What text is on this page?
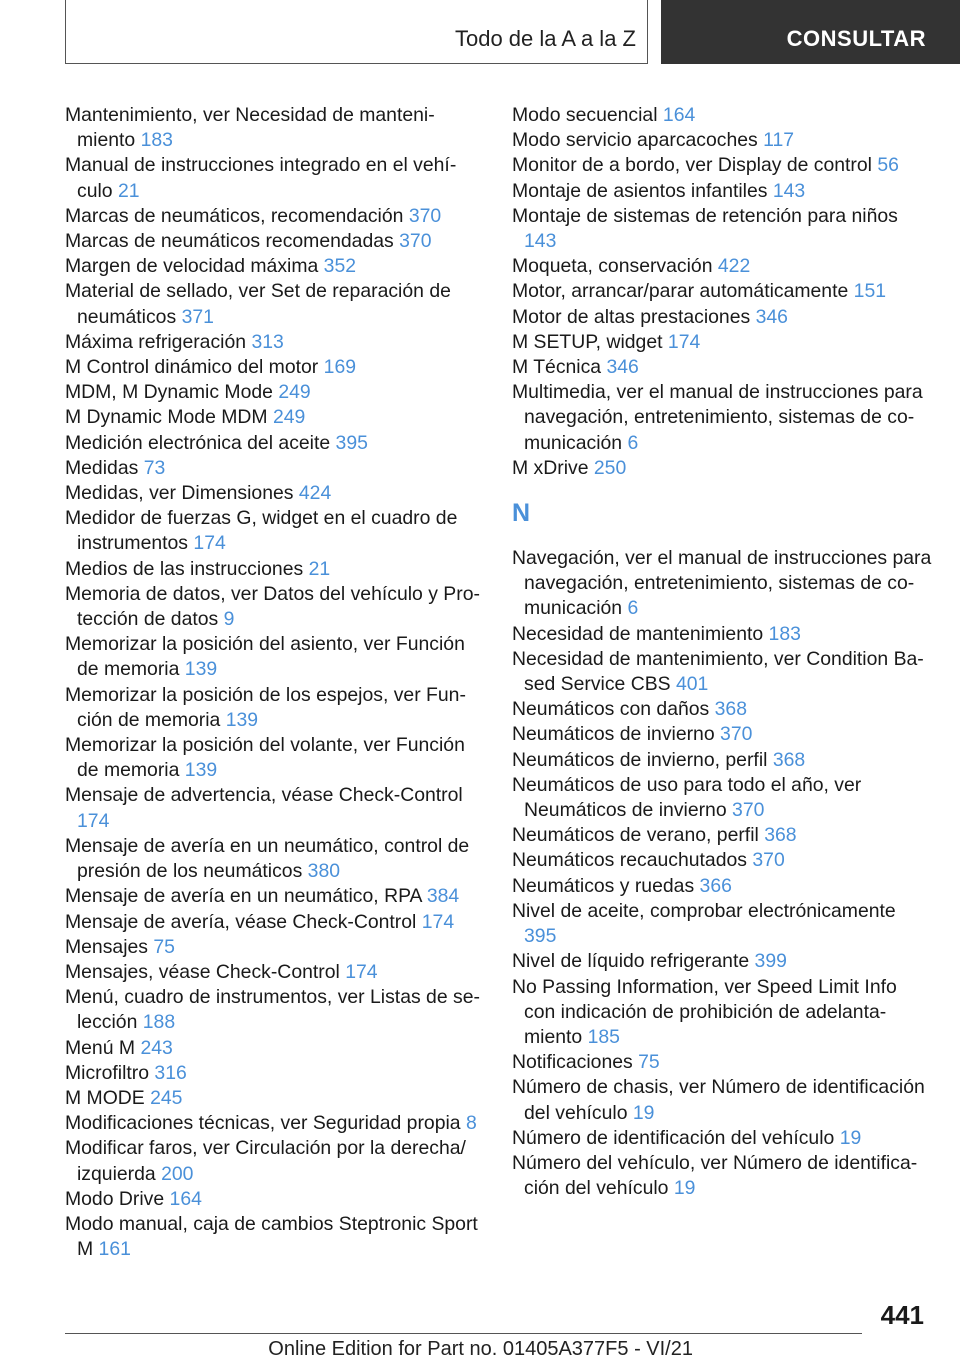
Todo de la A a la Z	CONSULTAR
Mantenimiento, ver Necesidad de mantenimiento 183
Manual de instrucciones integrado en el vehículo 21
Marcas de neumáticos, recomendación 370
Marcas de neumáticos recomendadas 370
Margen de velocidad máxima 352
Material de sellado, ver Set de reparación de neumáticos 371
Máxima refrigeración 313
M Control dinámico del motor 169
MDM, M Dynamic Mode 249
M Dynamic Mode MDM 249
Medición electrónica del aceite 395
Medidas 73
Medidas, ver Dimensiones 424
Medidor de fuerzas G, widget en el cuadro de instrumentos 174
Medios de las instrucciones 21
Memoria de datos, ver Datos del vehículo y Protección de datos 9
Memorizar la posición del asiento, ver Función de memoria 139
Memorizar la posición de los espejos, ver Función de memoria 139
Memorizar la posición del volante, ver Función de memoria 139
Mensaje de advertencia, véase Check-Control 174
Mensaje de avería en un neumático, control de presión de los neumáticos 380
Mensaje de avería en un neumático, RPA 384
Mensaje de avería, véase Check-Control 174
Mensajes 75
Mensajes, véase Check-Control 174
Menú, cuadro de instrumentos, ver Listas de selección 188
Menú M 243
Microfiltro 316
M MODE 245
Modificaciones técnicas, ver Seguridad propia 8
Modificar faros, ver Circulación por la derecha/​izquierda 200
Modo Drive 164
Modo manual, caja de cambios Steptronic Sport M 161
Modo secuencial 164
Modo servicio aparcacoches 117
Monitor de a bordo, ver Display de control 56
Montaje de asientos infantiles 143
Montaje de sistemas de retención para niños 143
Moqueta, conservación 422
Motor, arrancar/parar automáticamente 151
Motor de altas prestaciones 346
M SETUP, widget 174
M Técnica 346
Multimedia, ver el manual de instrucciones para navegación, entretenimiento, sistemas de comunicación 6
M xDrive 250
N
Navegación, ver el manual de instrucciones para navegación, entretenimiento, sistemas de comunicación 6
Necesidad de mantenimiento 183
Necesidad de mantenimiento, ver Condition Based Service CBS 401
Neumáticos con daños 368
Neumáticos de invierno 370
Neumáticos de invierno, perfil 368
Neumáticos de uso para todo el año, ver Neumáticos de invierno 370
Neumáticos de verano, perfil 368
Neumáticos recauchutados 370
Neumáticos y ruedas 366
Nivel de aceite, comprobar electrónicamente 395
Nivel de líquido refrigerante 399
No Passing Information, ver Speed Limit Info con indicación de prohibición de adelantamiento 185
Notificaciones 75
Número de chasis, ver Número de identificación del vehículo 19
Número de identificación del vehículo 19
Número del vehículo, ver Número de identificación del vehículo 19
441
Online Edition for Part no. 01405A377F5 - VI/21
